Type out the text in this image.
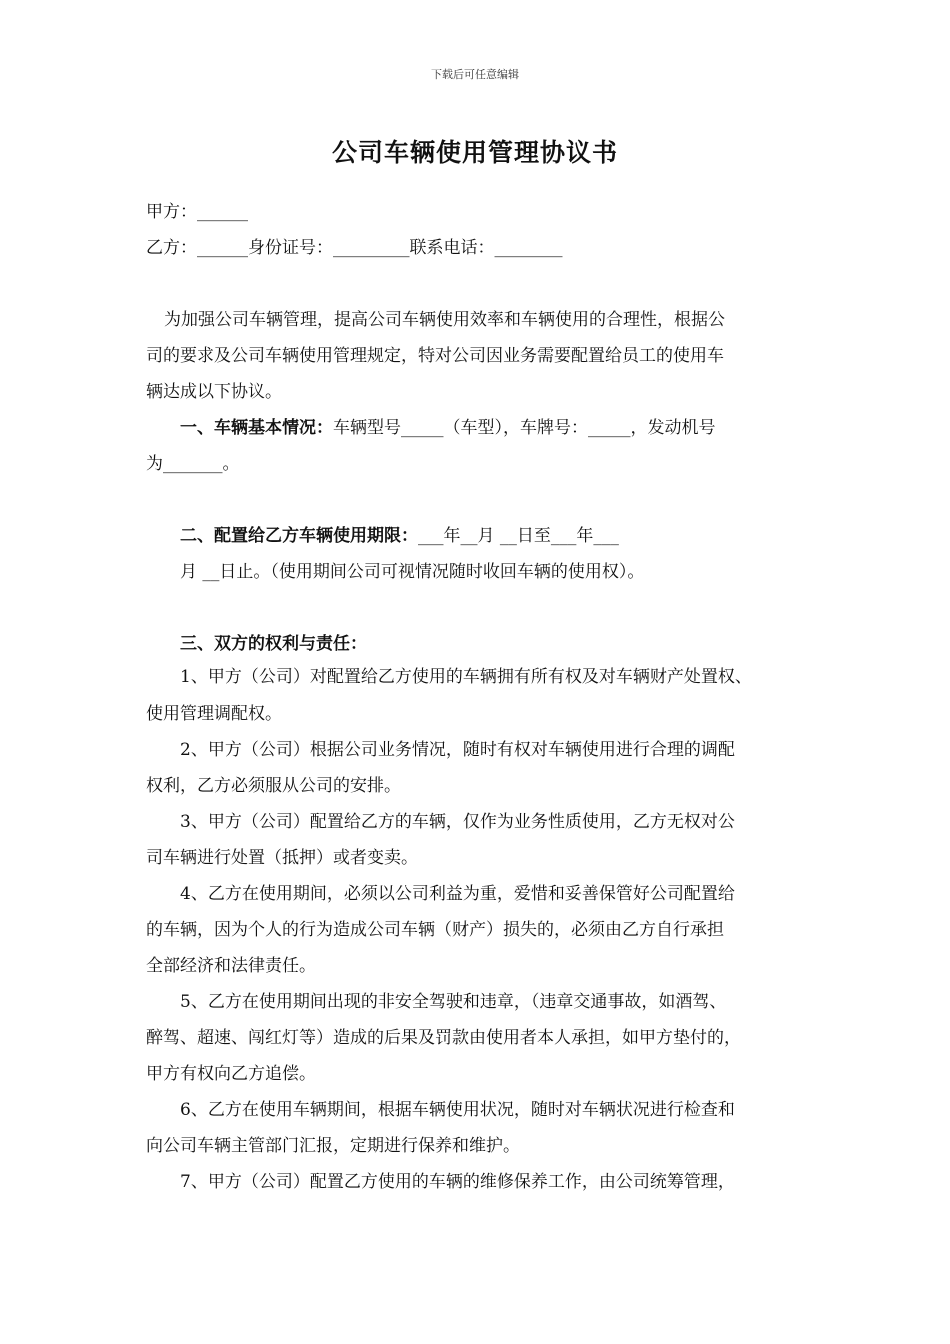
下载后可任意编辑
公司车辆使用管理协议书
甲方：______
乙方：______身份证号：_________联系电话：________
为加强公司车辆管理，提高公司车辆使用效率和车辆使用的合理性，根据公
司的要求及公司车辆使用管理规定，特对公司因业务需要配置给员工的使用车
辆达成以下协议。
一、车辆基本情况：车辆型号_____（车型），车牌号：_____，发动机号
为_______。
二、配置给乙方车辆使用期限：___年__月 __日至___年___
月 __日止。（使用期间公司可视情况随时收回车辆的使用权）。
三、双方的权利与责任：
1、甲方（公司）对配置给乙方使用的车辆拥有所有权及对车辆财产处置权、
使用管理调配权。
2、甲方（公司）根据公司业务情况，随时有权对车辆使用进行合理的调配
权利，乙方必须服从公司的安排。
3、甲方（公司）配置给乙方的车辆，仅作为业务性质使用，乙方无权对公
司车辆进行处置（抵押）或者变卖。
4、乙方在使用期间，必须以公司利益为重，爱惜和妥善保管好公司配置给
的车辆，因为个人的行为造成公司车辆（财产）损失的，必须由乙方自行承担
全部经济和法律责任。
5、乙方在使用期间出现的非安全驾驶和违章，（违章交通事故，如酒驾、
醉驾、超速、闯红灯等）造成的后果及罚款由使用者本人承担，如甲方垫付的，
甲方有权向乙方追偿。
6、乙方在使用车辆期间，根据车辆使用状况，随时对车辆状况进行检查和
向公司车辆主管部门汇报，定期进行保养和维护。
7、甲方（公司）配置乙方使用的车辆的维修保养工作，由公司统筹管理，
